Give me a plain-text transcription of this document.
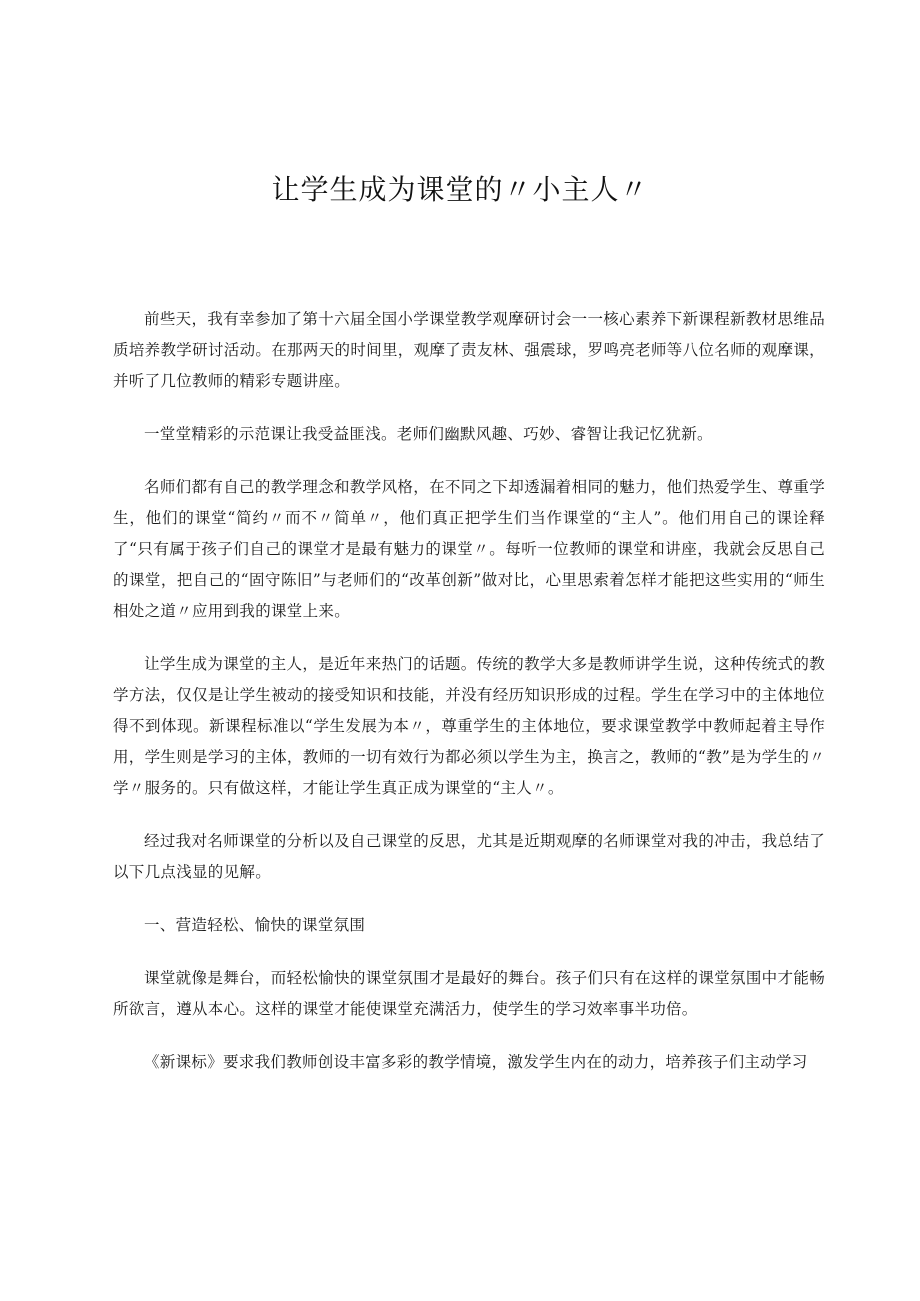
让学生成为课堂的〃小主人〃

前些天，我有幸参加了第十六届全国小学课堂教学观摩研讨会一一核心素养下新课程新教材思维品质培养教学研讨活动。在那两天的时间里，观摩了责友林、强震球，罗鸣亮老师等八位名师的观摩课，并听了几位教师的精彩专题讲座。

一堂堂精彩的示范课让我受益匪浅。老师们幽默风趣、巧妙、睿智让我记忆犹新。

名师们都有自己的教学理念和教学风格，在不同之下却透漏着相同的魅力，他们热爱学生、尊重学生，他们的课堂“简约〃而不〃简单〃，他们真正把学生们当作课堂的“主人”。他们用自己的课诠释了“只有属于孩子们自己的课堂才是最有魅力的课堂〃。每听一位教师的课堂和讲座，我就会反思自己的课堂，把自己的“固守陈旧”与老师们的“改革创新”做对比，心里思索着怎样才能把这些实用的“师生相处之道〃应用到我的课堂上来。

让学生成为课堂的主人，是近年来热门的话题。传统的教学大多是教师讲学生说，这种传统式的教学方法，仅仅是让学生被动的接受知识和技能，并没有经历知识形成的过程。学生在学习中的主体地位得不到体现。新课程标准以“学生发展为本〃，尊重学生的主体地位，要求课堂教学中教师起着主导作用，学生则是学习的主体，教师的一切有效行为都必须以学生为主，换言之，教师的“教”是为学生的〃学〃服务的。只有做这样，才能让学生真正成为课堂的“主人〃。

经过我对名师课堂的分析以及自己课堂的反思，尤其是近期观摩的名师课堂对我的冲击，我总结了以下几点浅显的见解。

一、营造轻松、愉快的课堂氛围

课堂就像是舞台，而轻松愉快的课堂氛围才是最好的舞台。孩子们只有在这样的课堂氛围中才能畅所欲言，遵从本心。这样的课堂才能使课堂充满活力，使学生的学习效率事半功倍。

《新课标》要求我们教师创设丰富多彩的教学情境，激发学生内在的动力，培养孩子们主动学习
